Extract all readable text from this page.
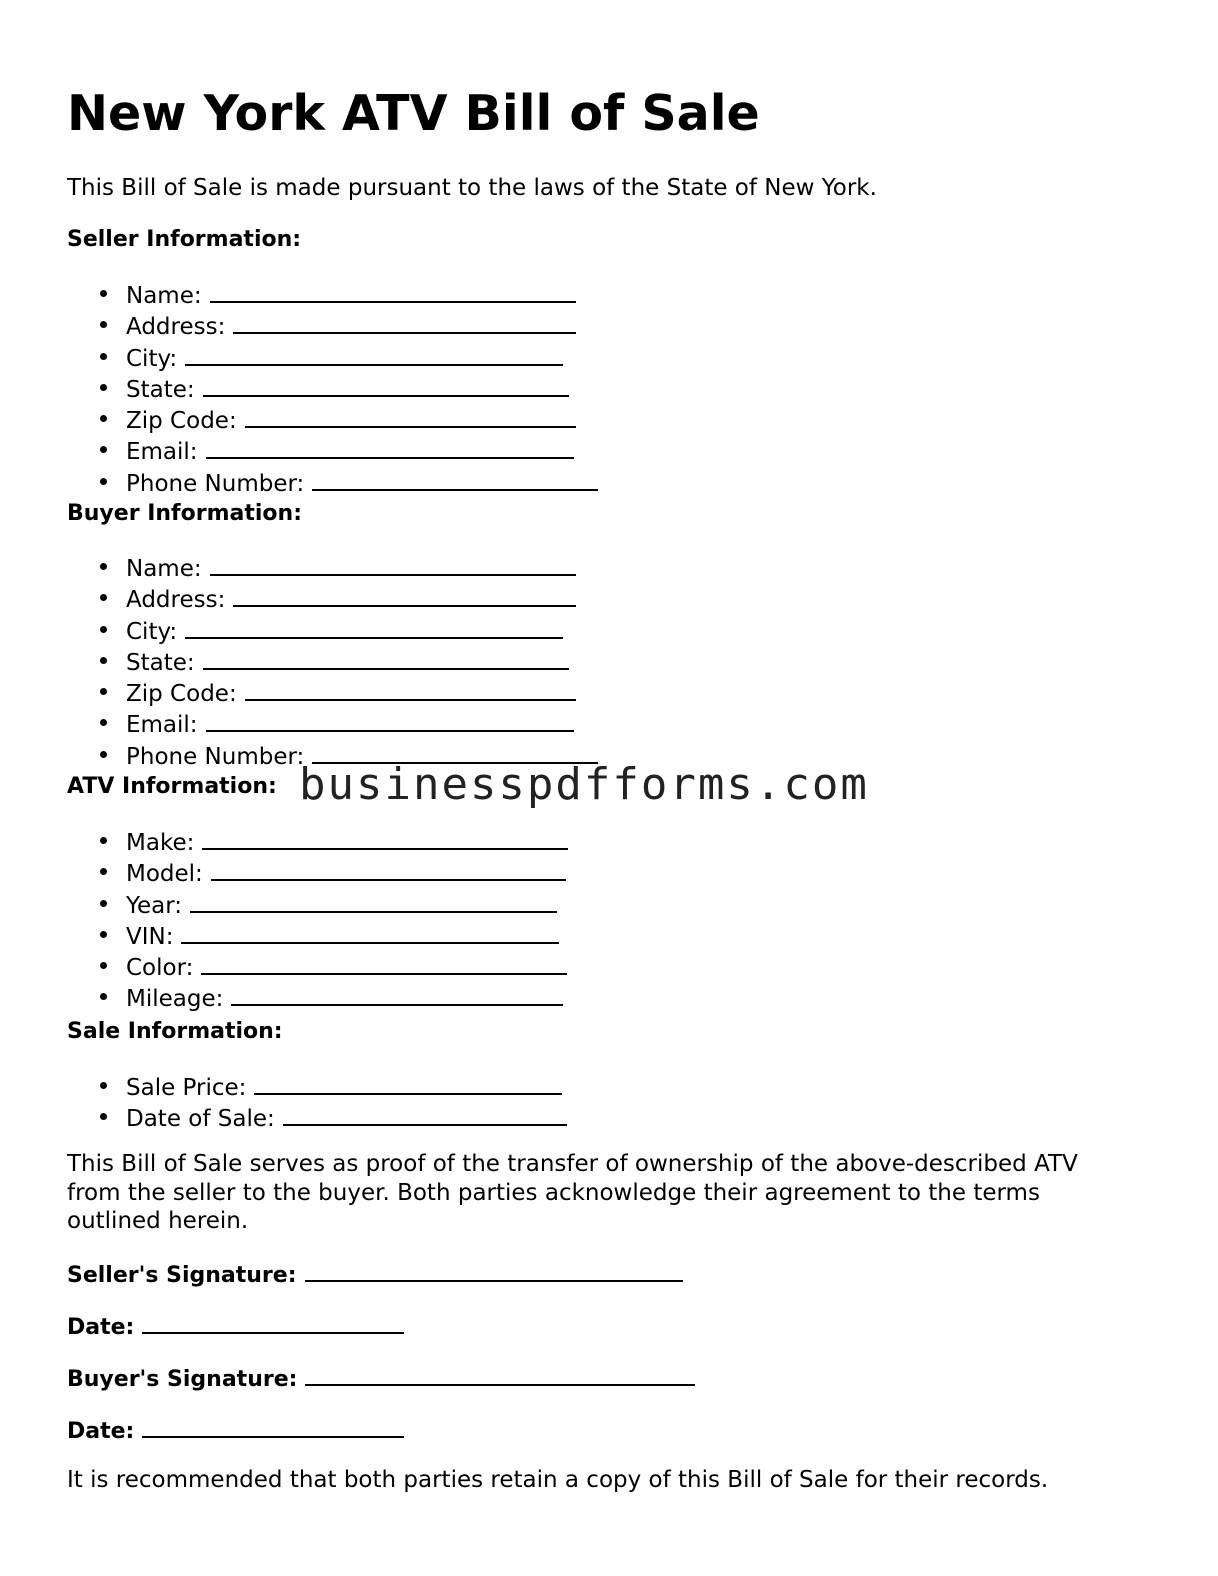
New York ATV Bill of Sale

This Bill of Sale is made pursuant to the laws of the State of New York.

Seller Information:

Name:
Address:
City:
State:
Zip Code:
Email:
Phone Number:

Buyer Information:

Name:
Address:
City:
State:
Zip Code:
Email:
Phone Number:

ATV Information:

Make:
Model:
Year:
VIN:
Color:
Mileage:

Sale Information:

Sale Price:
Date of Sale:

This Bill of Sale serves as proof of the transfer of ownership of the above-described ATV from the seller to the buyer. Both parties acknowledge their agreement to the terms outlined herein.

Seller's Signature:

Date:

Buyer's Signature:

Date:

It is recommended that both parties retain a copy of this Bill of Sale for their records.

businesspdfforms.com
